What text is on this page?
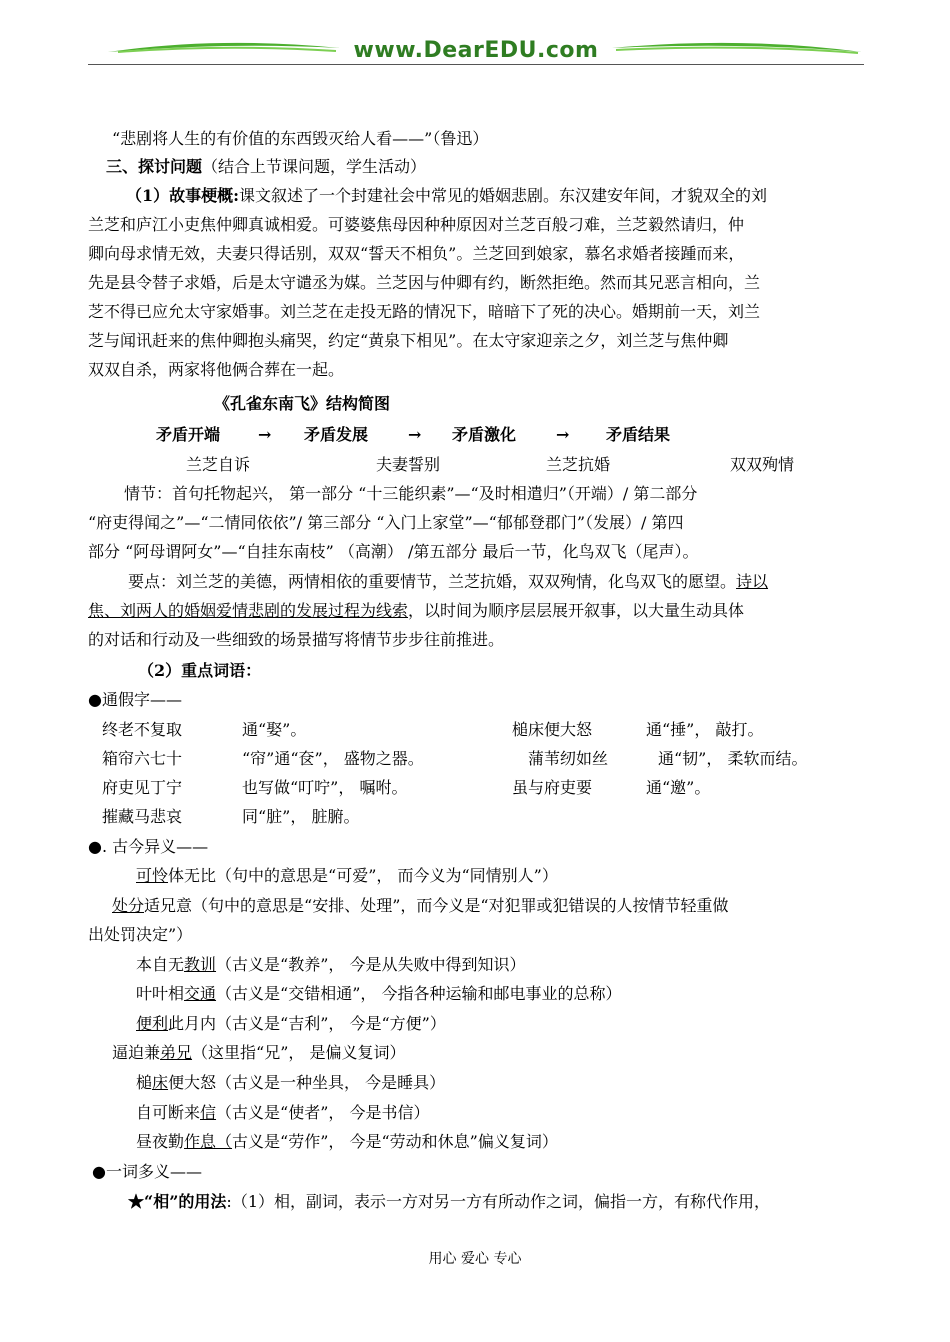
www.DearEDU.com
“悲剧将人生的有价值的东西毁灭给人看——”（鲁迅）
三、探讨问题（结合上节课问题，学生活动）
（1）故事梗概:课文叙述了一个封建社会中常见的婚姻悲剧。东汉建安年间，才貌双全的刘
兰芝和庐江小吏焦仲卿真诚相爱。可婆婆焦母因种种原因对兰芝百般刁难，兰芝毅然请归，仲
卿向母求情无效，夫妻只得话别，双双“誓天不相负”。兰芝回到娘家，慕名求婚者接踵而来，
先是县令替子求婚，后是太守谴丞为媒。兰芝因与仲卿有约，断然拒绝。然而其兄恶言相向，兰
芝不得已应允太守家婚事。刘兰芝在走投无路的情况下，暗暗下了死的决心。婚期前一天，刘兰
芝与闻讯赶来的焦仲卿抱头痛哭，约定“黄泉下相见”。在太守家迎亲之夕，刘兰芝与焦仲卿
双双自杀，两家将他俩合葬在一起。
《孔雀东南飞》结构简图
矛盾开端 → 矛盾发展 → 矛盾激化 → 矛盾结果
兰芝自诉	夫妻誓别	兰芝抗婚	双双殉情
情节：首句托物起兴， 第一部分 “十三能织素”—“及时相遣归”（开端）/ 第二部分
“府吏得闻之”—“二情同依依”/ 第三部分 “入门上家堂”—“郁郁登郡门”（发展）/ 第四
部分 “阿母谓阿女”—“自挂东南枝” （高潮） /第五部分 最后一节，化鸟双飞（尾声）。
要点：刘兰芝的美德，两情相依的重要情节，兰芝抗婚，双双殉情，化鸟双飞的愿望。诗以
焦、刘两人的婚姻爱情悲剧的发展过程为线索，以时间为顺序层层展开叙事，以大量生动具体
的对话和行动及一些细致的场景描写将情节步步往前推进。
（2）重点词语：
●通假字——
终老不复取	通“娶”。	槌床便大怒	通“捶”， 敲打。
箱帘六七十	“帘”通“奁”， 盛物之器。	蒲苇纫如丝	通“韧”， 柔软而结。
府吏见丁宁	也写做“叮咛”， 嘱咐。	虽与府吏要	通“邀”。
摧藏马悲哀	同“脏”， 脏腑。
●. 古今异义——
可怜体无比（句中的意思是“可爱”， 而今义为“同情别人”）
处分适兄意（句中的意思是“安排、处理”，而今义是“对犯罪或犯错误的人按情节轻重做
出处罚决定”）
本自无教训（古义是“教养”， 今是从失败中得到知识）
叶叶相交通（古义是“交错相通”， 今指各种运输和邮电事业的总称）
便利此月内（古义是“吉利”， 今是“方便”）
逼迫兼弟兄（这里指“兄”， 是偏义复词）
槌床便大怒（古义是一种坐具， 今是睡具）
自可断来信（古义是“使者”， 今是书信）
昼夜勤作息（古义是“劳作”， 今是“劳动和休息”偏义复词）
●一词多义——
★“相”的用法:（1）相，副词，表示一方对另一方有所动作之词，偏指一方，有称代作用，
用心 爱心 专心
